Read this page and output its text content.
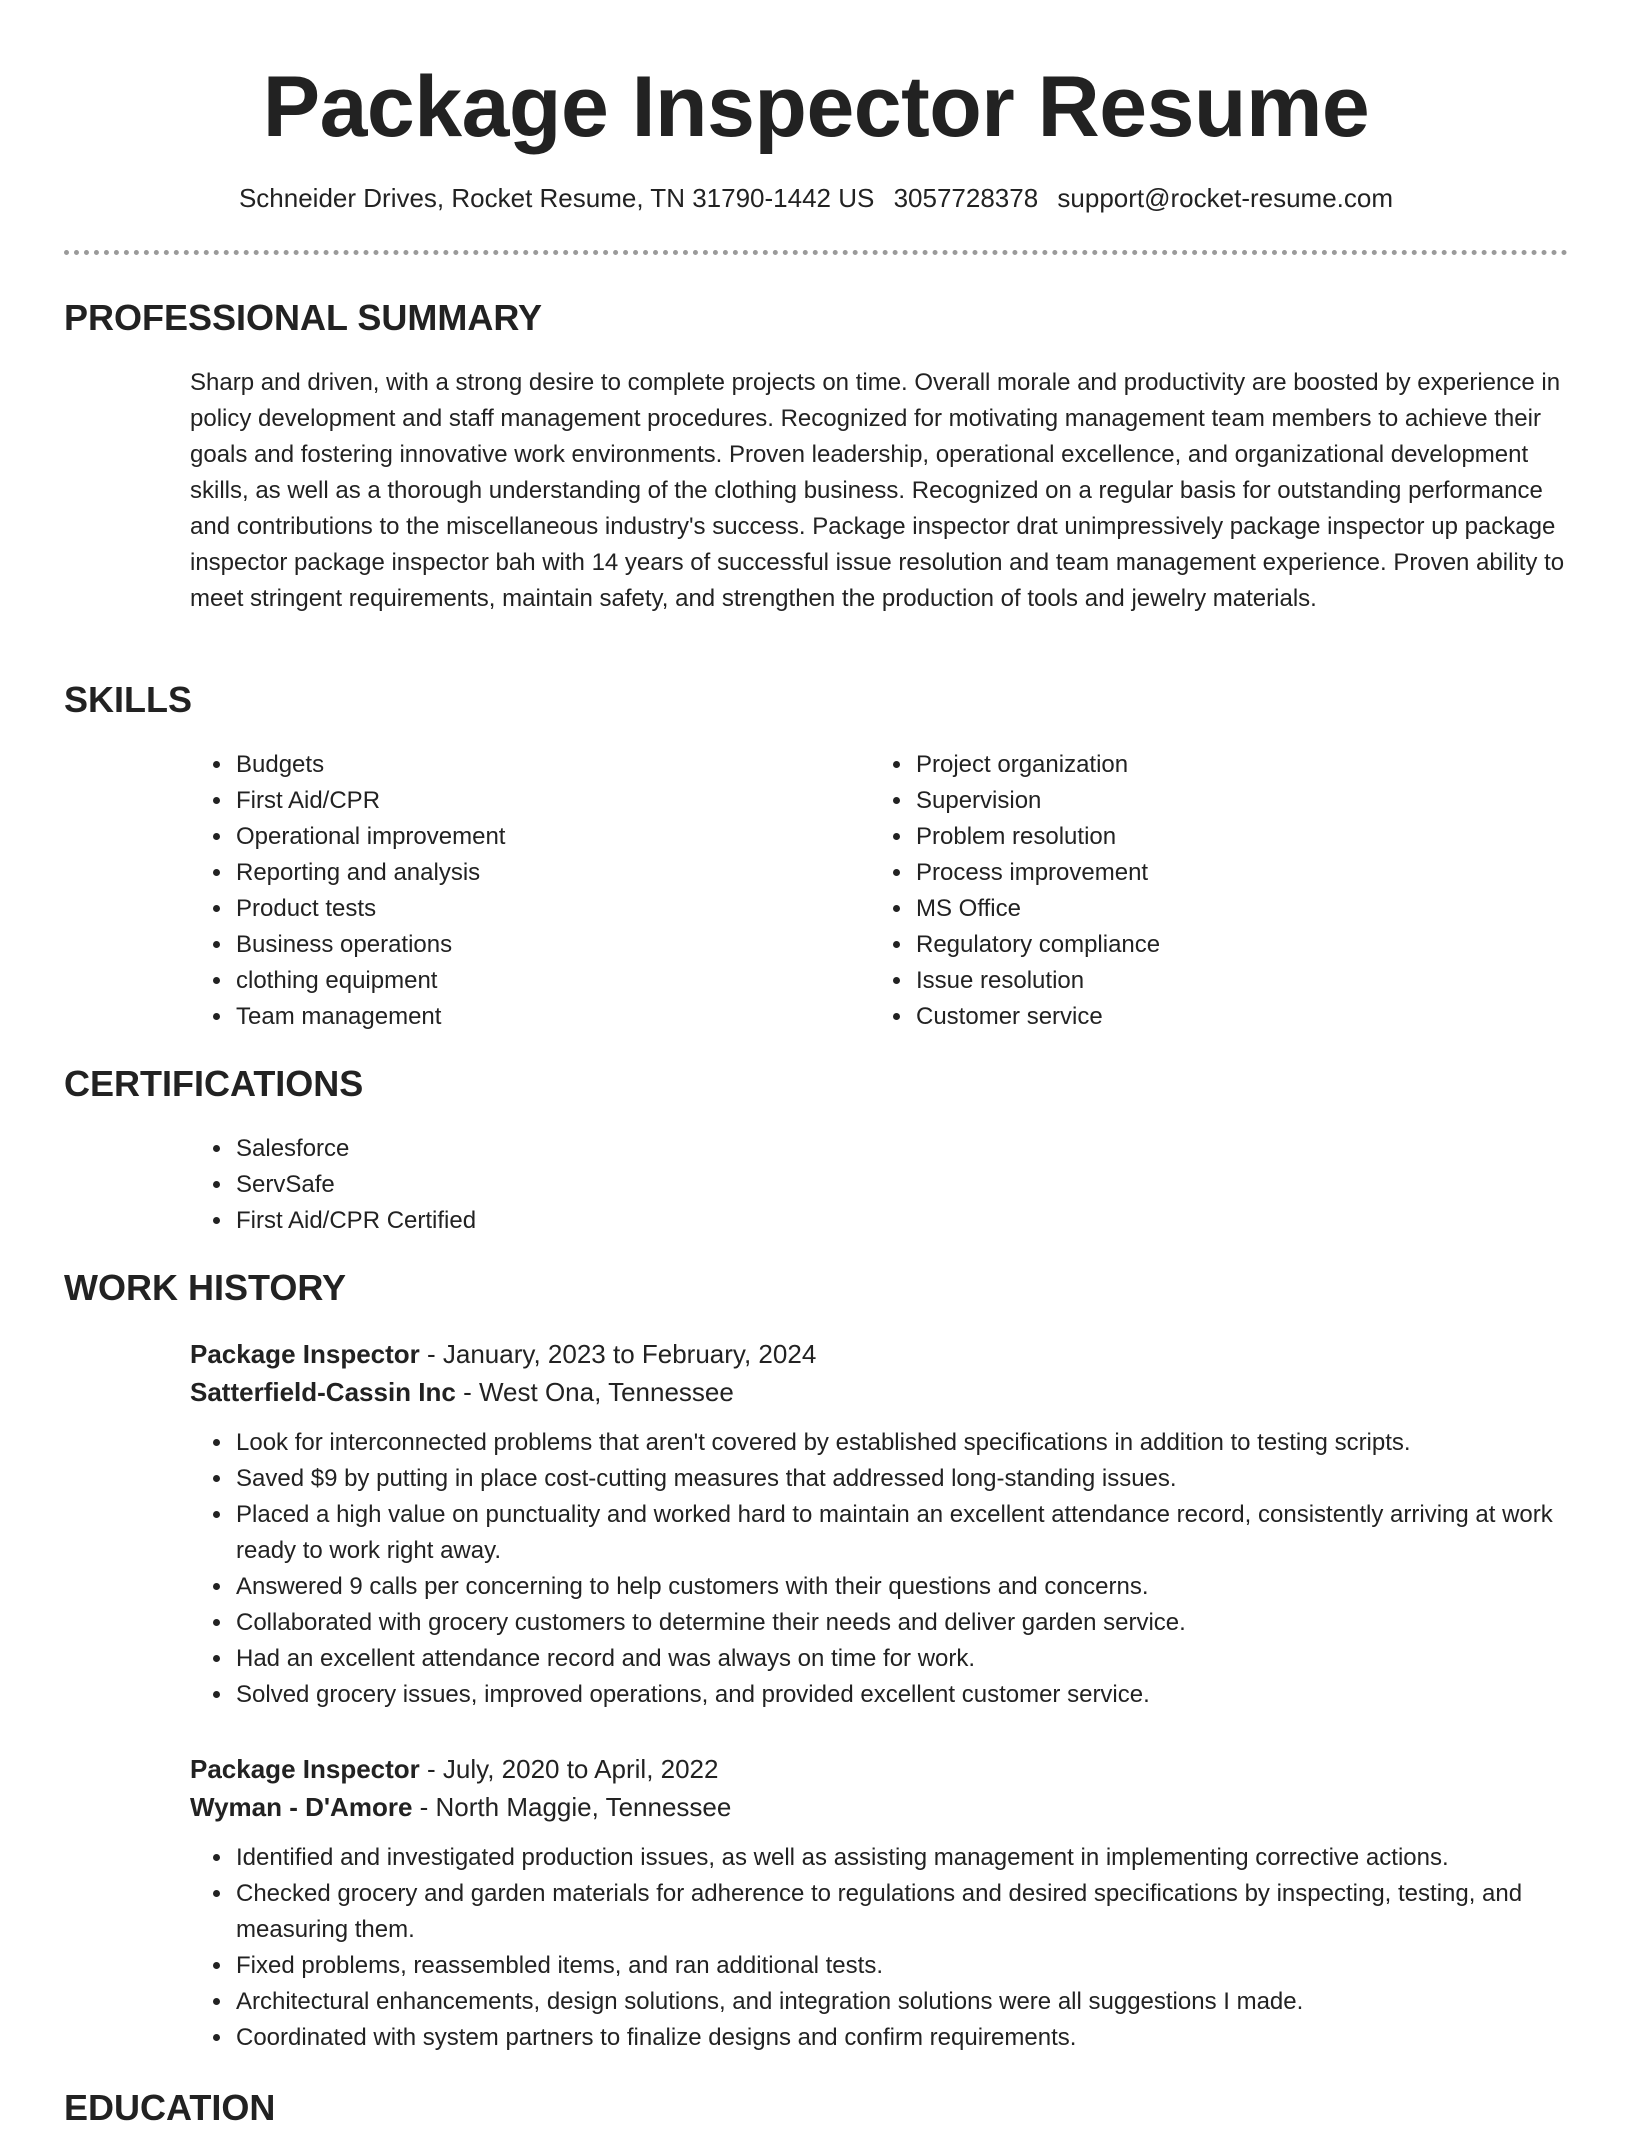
Package Inspector Resume
Schneider Drives, Rocket Resume, TN 31790-1442 US 3057728378 support@rocket-resume.com
PROFESSIONAL SUMMARY

Sharp and driven, with a strong desire to complete projects on time. Overall morale and productivity are boosted by experience in policy development and staff management procedures. Recognized for motivating management team members to achieve their goals and fostering innovative work environments. Proven leadership, operational excellence, and organizational development skills, as well as a thorough understanding of the clothing business. Recognized on a regular basis for outstanding performance and contributions to the miscellaneous industry's success. Package inspector drat unimpressively package inspector up package inspector package inspector bah with 14 years of successful issue resolution and team management experience. Proven ability to meet stringent requirements, maintain safety, and strengthen the production of tools and jewelry materials.

SKILLS
• Budgets
• First Aid/CPR
• Operational improvement
• Reporting and analysis
• Product tests
• Business operations
• clothing equipment
• Team management
• Project organization
• Supervision
• Problem resolution
• Process improvement
• MS Office
• Regulatory compliance
• Issue resolution
• Customer service
CERTIFICATIONS
• Salesforce
• ServSafe
• First Aid/CPR Certified
WORK HISTORY

Package Inspector - January, 2023 to February, 2024

Satterfield-Cassin Inc - West Ona, Tennessee

• Look for interconnected problems that aren't covered by established specifications in addition to testing scripts.
• Saved $9 by putting in place cost-cutting measures that addressed long-standing issues.
• Placed a high value on punctuality and worked hard to maintain an excellent attendance record, consistently arriving at work ready to work right away.
• Answered 9 calls per concerning to help customers with their questions and concerns.
• Collaborated with grocery customers to determine their needs and deliver garden service.
• Had an excellent attendance record and was always on time for work.
• Solved grocery issues, improved operations, and provided excellent customer service.

Package Inspector - July, 2020 to April, 2022

Wyman - D'Amore - North Maggie, Tennessee

• Identified and investigated production issues, as well as assisting management in implementing corrective actions.
• Checked grocery and garden materials for adherence to regulations and desired specifications by inspecting, testing, and measuring them.
• Fixed problems, reassembled items, and ran additional tests.
• Architectural enhancements, design solutions, and integration solutions were all suggestions I made.
• Coordinated with system partners to finalize designs and confirm requirements.
EDUCATION
